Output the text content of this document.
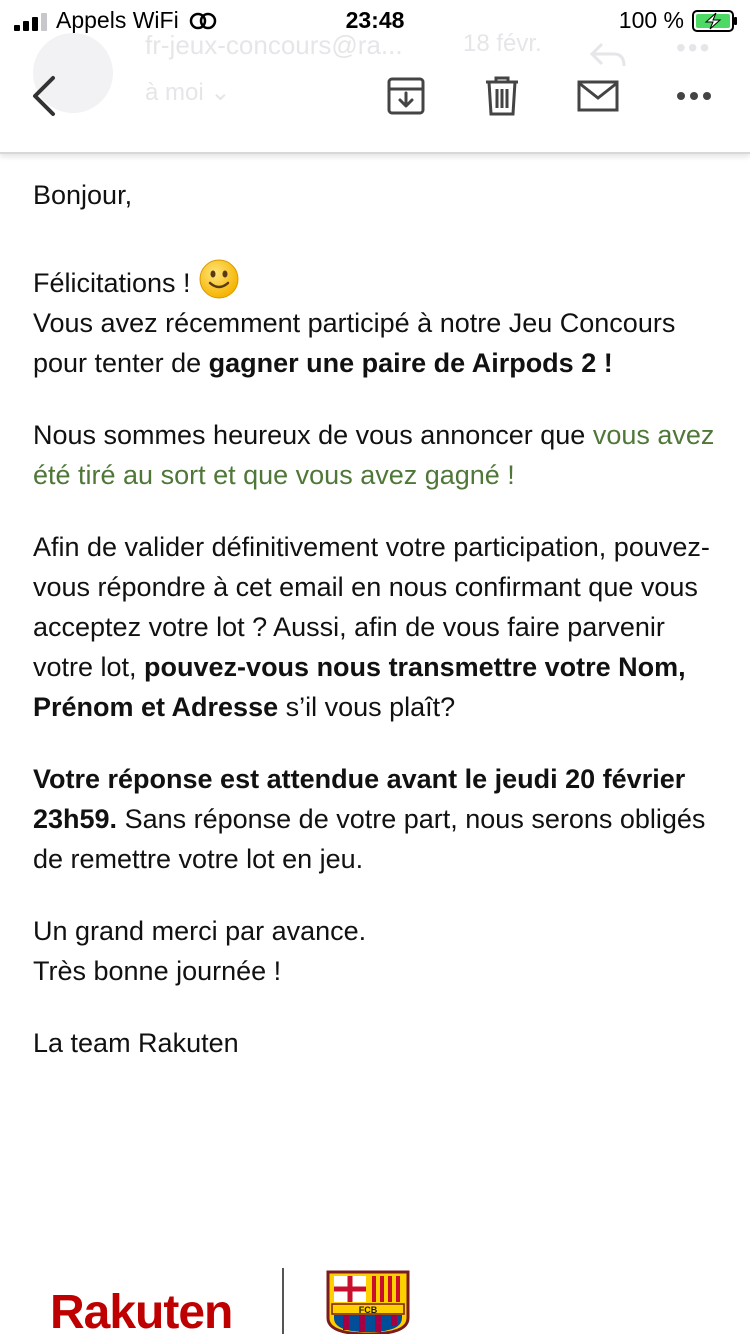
fr-jeux-concours@ra...	18 févr.
à moi ⌄
•••
Appels WiFi	23:48	100 %

Bonjour,

Félicitations !

Vous avez récemment participé à notre Jeu Concours pour tenter de gagner une paire de Airpods 2 !

Nous sommes heureux de vous annoncer que vous avez été tiré au sort et que vous avez gagné !

Afin de valider définitivement votre participation, pouvez-vous répondre à cet email en nous confirmant que vous acceptez votre lot ? Aussi, afin de vous faire parvenir votre lot, pouvez-vous nous transmettre votre Nom, Prénom et Adresse s’il vous plaît?

Votre réponse est attendue avant le jeudi 20 février 23h59. Sans réponse de votre part, nous serons obligés de remettre votre lot en jeu.

Un grand merci par avance.

Très bonne journée !

La team Rakuten

Rakuten	FCB
